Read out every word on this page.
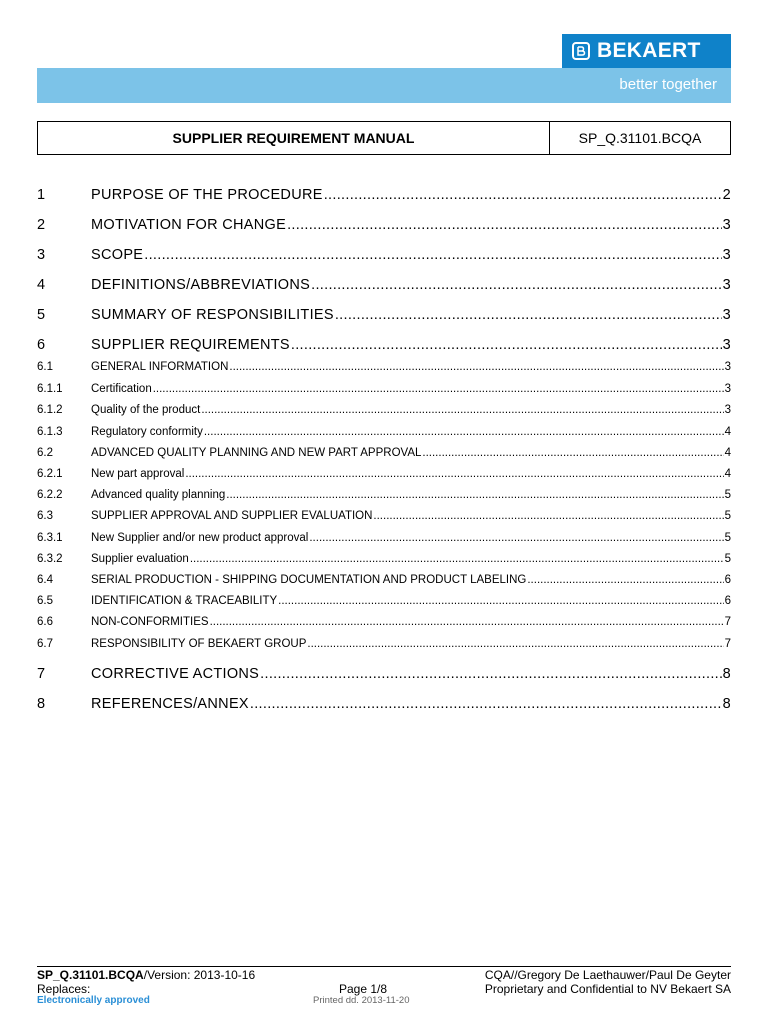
better together
BEKAERT
SUPPLIER REQUIREMENT MANUAL	SP_Q.31101.BCQA
1	PURPOSE OF THE PROCEDURE .....	2
2	MOTIVATION FOR CHANGE .....	3
3	SCOPE .....	3
4	DEFINITIONS/ABBREVIATIONS .....	3
5	SUMMARY OF RESPONSIBILITIES .....	3
6	SUPPLIER REQUIREMENTS .....	3
6.1	GENERAL INFORMATION .....	3
6.1.1	Certification .....	3
6.1.2	Quality of the product .....	3
6.1.3	Regulatory conformity .....	4
6.2	ADVANCED QUALITY PLANNING AND NEW PART APPROVAL .....	4
6.2.1	New part approval .....	4
6.2.2	Advanced quality planning .....	5
6.3	SUPPLIER APPROVAL AND SUPPLIER EVALUATION .....	5
6.3.1	New Supplier and/or new product approval .....	5
6.3.2	Supplier evaluation .....	5
6.4	SERIAL PRODUCTION - SHIPPING DOCUMENTATION AND PRODUCT LABELING .....	6
6.5	IDENTIFICATION & TRACEABILITY .....	6
6.6	NON-CONFORMITIES .....	7
6.7	RESPONSIBILITY OF BEKAERT GROUP .....	7
7	CORRECTIVE ACTIONS .....	8
8	REFERENCES/ANNEX .....	8
SP_Q.31101.BCQA/Version: 2013-10-16
Replaces:
Electronically approved
Page 1/8
Printed dd. 2013-11-20
CQA//Gregory De Laethauwer/Paul De Geyter
Proprietary and Confidential to NV Bekaert SA
